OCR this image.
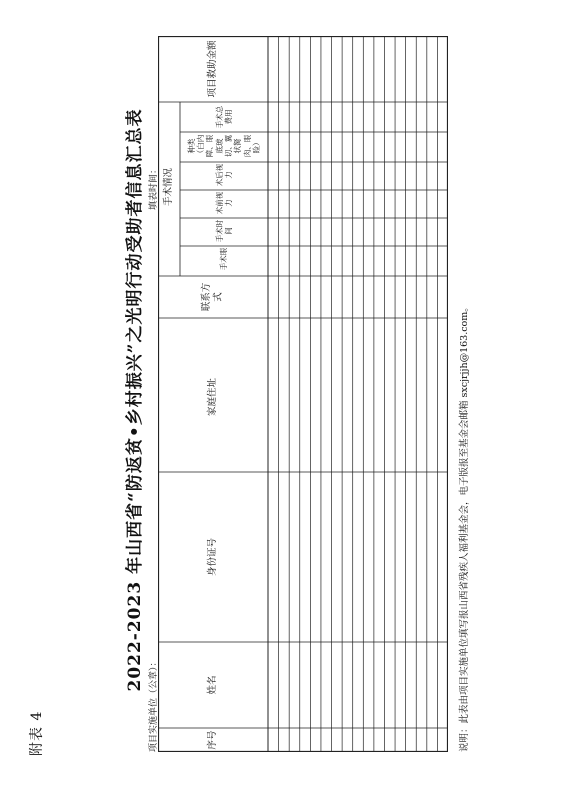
附表 4
2022-2023 年山西省“防返贫•乡村振兴”之光明行动受助者信息汇总表
项目实施单位（公章）：
填表时间：
序号
姓名
身份证号
家庭住址
联系方式
手术情况
手术眼
手术时间
术前视力
术后视力
种类（白内障、眼底玻切、翼状胬肉、眼睑）
手术总费用
项目救助金额
说明：此表由项目实施单位填写报山西省残疾人福利基金会，电子版报至基金会邮箱 sxcjrjjh@163.com。
